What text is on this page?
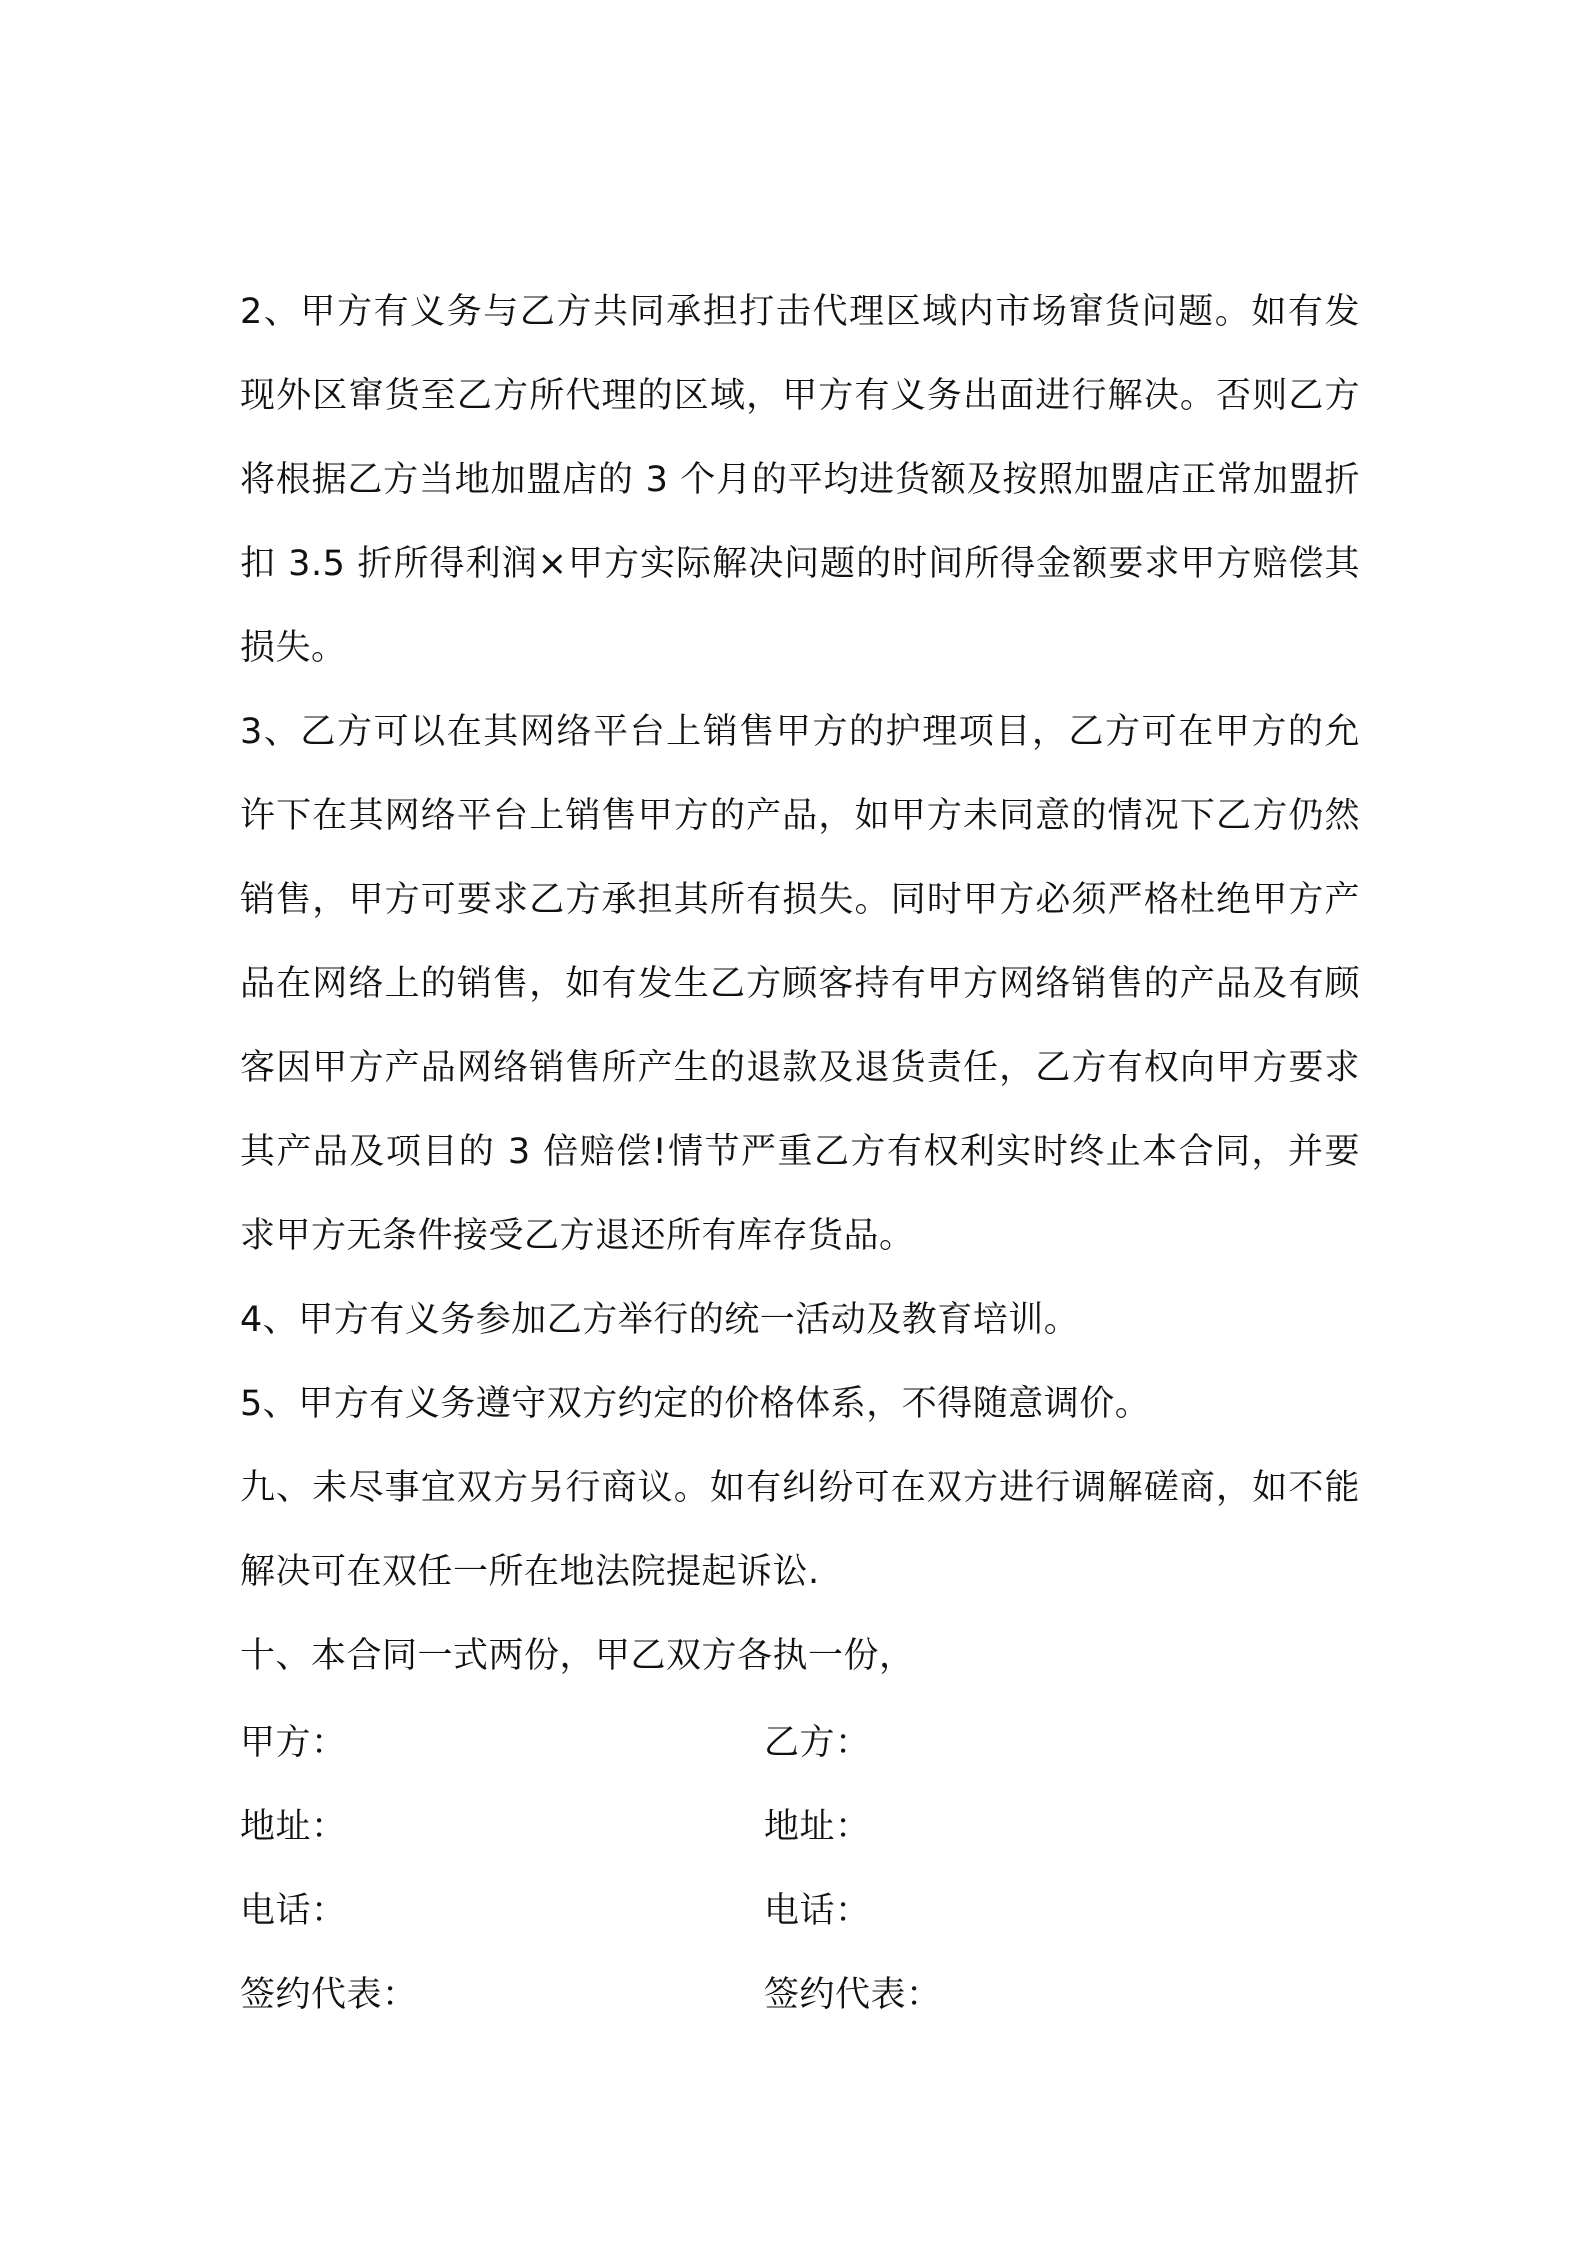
2、甲方有义务与乙方共同承担打击代理区域内市场窜货问题。如有发现外区窜货至乙方所代理的区域，甲方有义务出面进行解决。否则乙方将根据乙方当地加盟店的 3 个月的平均进货额及按照加盟店正常加盟折扣 3.5 折所得利润×甲方实际解决问题的时间所得金额要求甲方赔偿其损失。

3、乙方可以在其网络平台上销售甲方的护理项目，乙方可在甲方的允许下在其网络平台上销售甲方的产品，如甲方未同意的情况下乙方仍然销售，甲方可要求乙方承担其所有损失。同时甲方必须严格杜绝甲方产品在网络上的销售，如有发生乙方顾客持有甲方网络销售的产品及有顾客因甲方产品网络销售所产生的退款及退货责任，乙方有权向甲方要求其产品及项目的 3 倍赔偿!情节严重乙方有权利实时终止本合同，并要求甲方无条件接受乙方退还所有库存货品。

4、甲方有义务参加乙方举行的统一活动及教育培训。

5、甲方有义务遵守双方约定的价格体系，不得随意调价。

九、未尽事宜双方另行商议。如有纠纷可在双方进行调解磋商，如不能解决可在双任一所在地法院提起诉讼.

十、本合同一式两份，甲乙双方各执一份，

甲方：	乙方：
地址：	地址：
电话：	电话：
签约代表：	签约代表：
